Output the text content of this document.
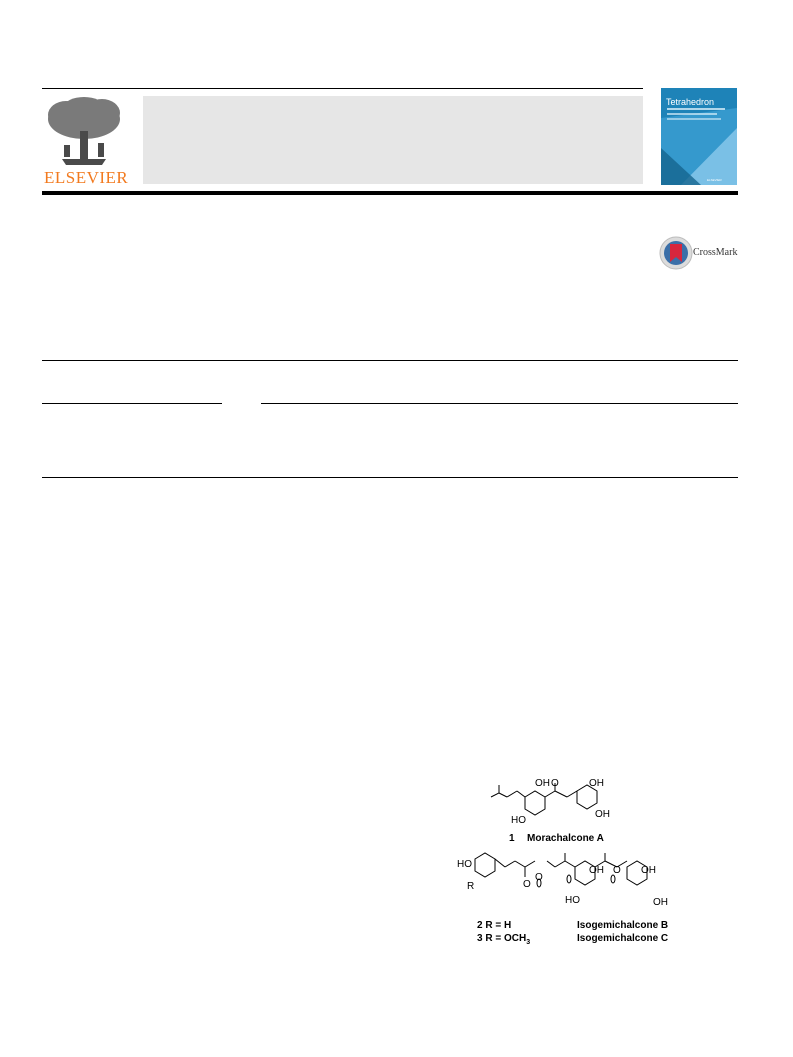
ELSEVIER
Tetrahedron
ELSEVIER
CrossMark
OH O	OH
HO
OH
1 Morachalcone A
HO
R
O
O
OH O OH
HO	OH
2 R = H	Isogemichalcone B
3 $R = OCH_3$	Isogemichalcone C
